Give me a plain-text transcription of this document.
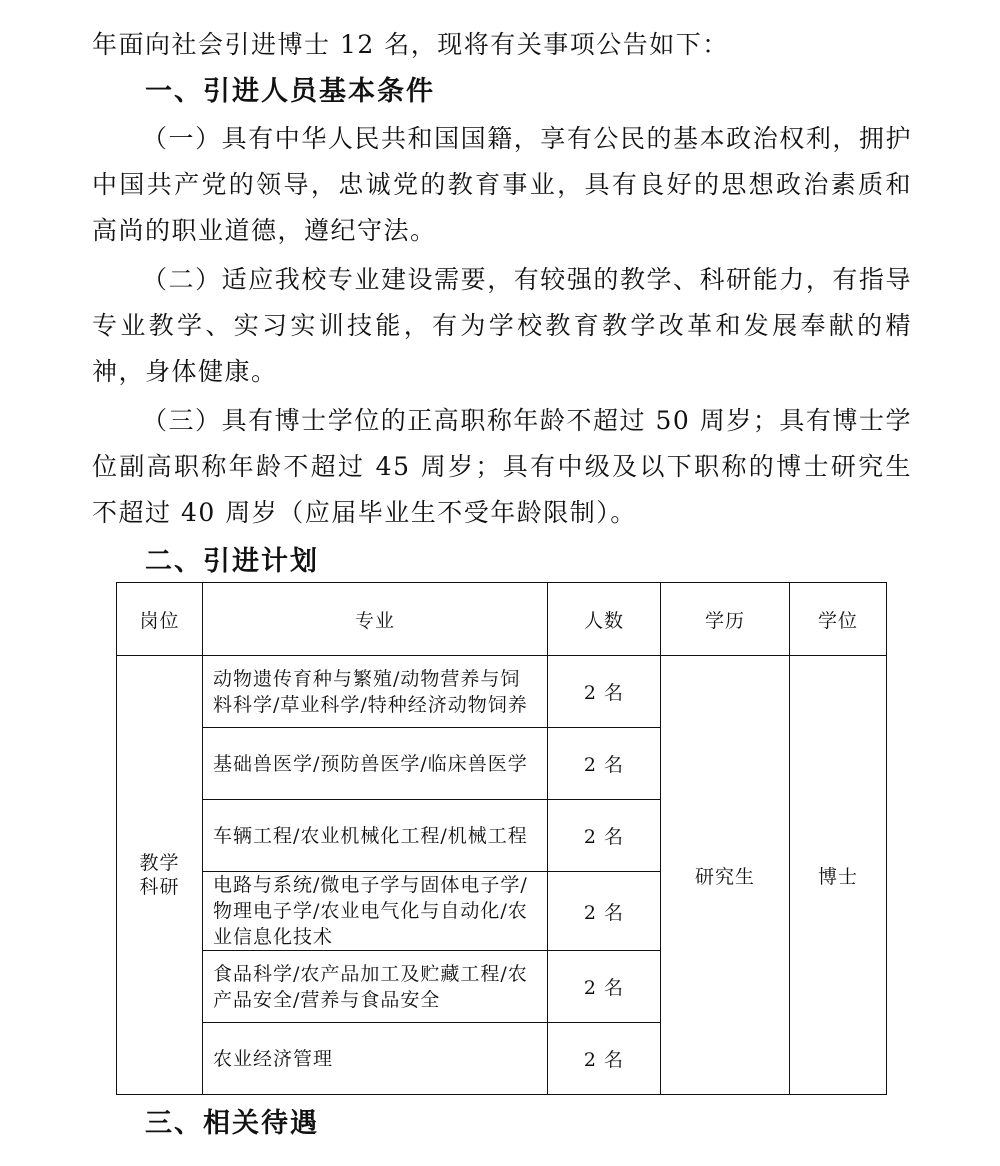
年面向社会引进博士 12 名，现将有关事项公告如下：

一、引进人员基本条件

（一）具有中华人民共和国国籍，享有公民的基本政治权利，拥护中国共产党的领导，忠诚党的教育事业，具有良好的思想政治素质和高尚的职业道德，遵纪守法。

（二）适应我校专业建设需要，有较强的教学、科研能力，有指导专业教学、实习实训技能，有为学校教育教学改革和发展奉献的精神，身体健康。

（三）具有博士学位的正高职称年龄不超过 50 周岁；具有博士学位副高职称年龄不超过 45 周岁；具有中级及以下职称的博士研究生不超过 40 周岁（应届毕业生不受年龄限制）。

二、引进计划
岗位	专业	人数	学历	学位

教学
科研	动物遗传育种与繁殖/动物营养与饲料科学/草业科学/特种经济动物饲养	2 名	研究生	博士
	基础兽医学/预防兽医学/临床兽医学	2 名		
	车辆工程/农业机械化工程/机械工程	2 名		
	电路与系统/微电子学与固体电子学/物理电子学/农业电气化与自动化/农业信息化技术	2 名		
	食品科学/农产品加工及贮藏工程/农产品安全/营养与食品安全	2 名		
	农业经济管理	2 名		
三、相关待遇
